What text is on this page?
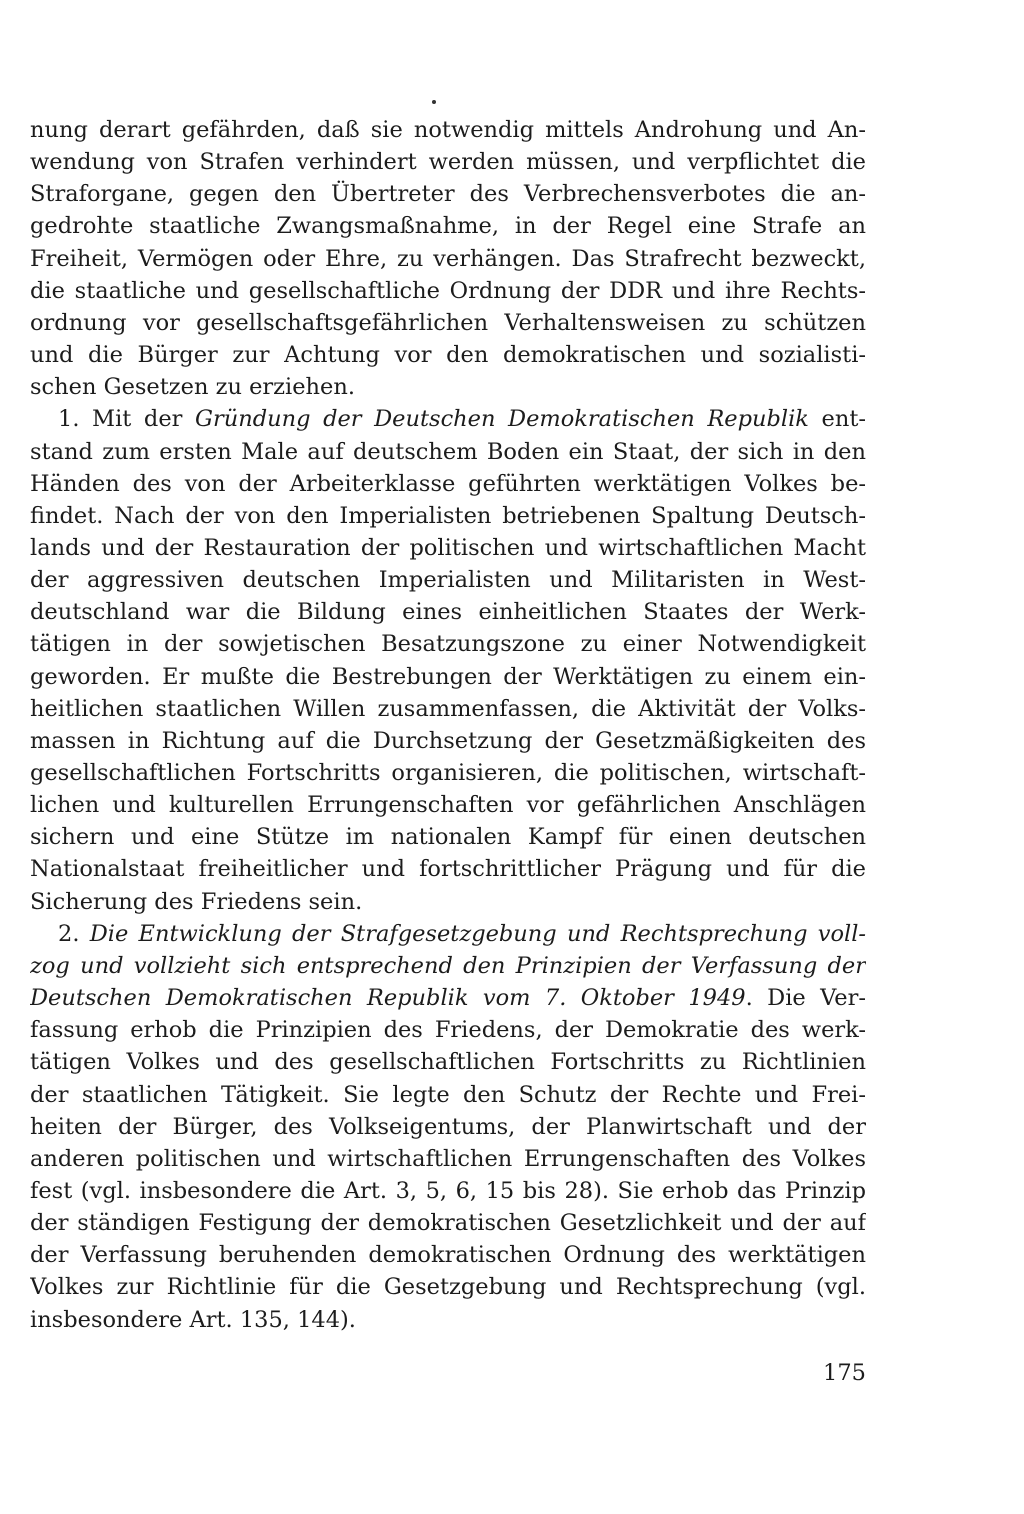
nung derart gefährden, daß sie notwendig mittels Androhung und An-
wendung von Strafen verhindert werden müssen, und verpflichtet die
Straforgane, gegen den Übertreter des Verbrechensverbotes die an-
gedrohte staatliche Zwangsmaßnahme, in der Regel eine Strafe an
Freiheit, Vermögen oder Ehre, zu verhängen. Das Strafrecht bezweckt,
die staatliche und gesellschaftliche Ordnung der DDR und ihre Rechts-
ordnung vor gesellschaftsgefährlichen Verhaltensweisen zu schützen
und die Bürger zur Achtung vor den demokratischen und sozialisti-
schen Gesetzen zu erziehen.
1. Mit der Gründung der Deutschen Demokratischen Republik ent-
stand zum ersten Male auf deutschem Boden ein Staat, der sich in den
Händen des von der Arbeiterklasse geführten werktätigen Volkes be-
findet. Nach der von den Imperialisten betriebenen Spaltung Deutsch-
lands und der Restauration der politischen und wirtschaftlichen Macht
der aggressiven deutschen Imperialisten und Militaristen in West-
deutschland war die Bildung eines einheitlichen Staates der Werk-
tätigen in der sowjetischen Besatzungszone zu einer Notwendigkeit
geworden. Er mußte die Bestrebungen der Werktätigen zu einem ein-
heitlichen staatlichen Willen zusammenfassen, die Aktivität der Volks-
massen in Richtung auf die Durchsetzung der Gesetzmäßigkeiten des
gesellschaftlichen Fortschritts organisieren, die politischen, wirtschaft-
lichen und kulturellen Errungenschaften vor gefährlichen Anschlägen
sichern und eine Stütze im nationalen Kampf für einen deutschen
Nationalstaat freiheitlicher und fortschrittlicher Prägung und für die
Sicherung des Friedens sein.
2. Die Entwicklung der Strafgesetzgebung und Rechtsprechung voll-
zog und vollzieht sich entsprechend den Prinzipien der Verfassung der
Deutschen Demokratischen Republik vom 7. Oktober 1949. Die Ver-
fassung erhob die Prinzipien des Friedens, der Demokratie des werk-
tätigen Volkes und des gesellschaftlichen Fortschritts zu Richtlinien
der staatlichen Tätigkeit. Sie legte den Schutz der Rechte und Frei-
heiten der Bürger, des Volkseigentums, der Planwirtschaft und der
anderen politischen und wirtschaftlichen Errungenschaften des Volkes
fest (vgl. insbesondere die Art. 3, 5, 6, 15 bis 28). Sie erhob das Prinzip
der ständigen Festigung der demokratischen Gesetzlichkeit und der auf
der Verfassung beruhenden demokratischen Ordnung des werktätigen
Volkes zur Richtlinie für die Gesetzgebung und Rechtsprechung (vgl.
insbesondere Art. 135, 144).
175
